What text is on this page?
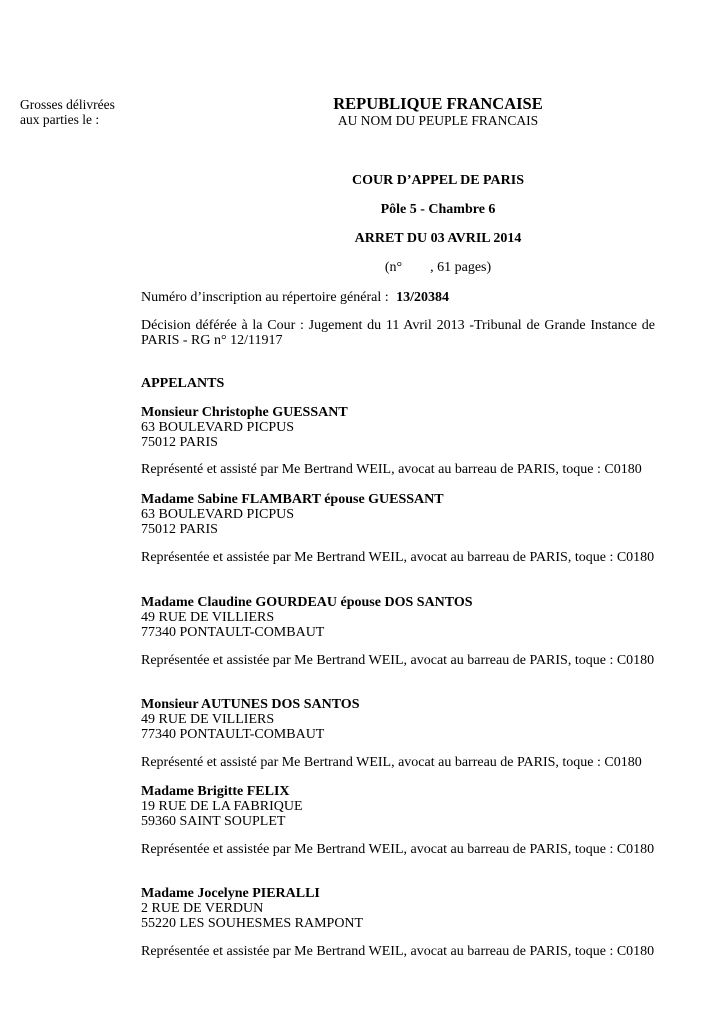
Grosses délivrées
aux parties le :
REPUBLIQUE FRANCAISE
AU NOM DU PEUPLE FRANCAIS
COUR D’APPEL DE PARIS
Pôle 5 - Chambre 6
ARRET DU 03 AVRIL 2014
(n°        , 61 pages)
Numéro d’inscription au répertoire général : 13/20384
Décision déférée à la Cour : Jugement du 11 Avril 2013 -Tribunal de Grande Instance de PARIS - RG n° 12/11917
APPELANTS
Monsieur Christophe GUESSANT
63 BOULEVARD PICPUS
75012 PARIS
Représenté et assisté par Me Bertrand WEIL, avocat au barreau de PARIS, toque : C0180
Madame Sabine FLAMBART épouse GUESSANT
63 BOULEVARD PICPUS
75012 PARIS
Représentée et assistée par Me Bertrand WEIL, avocat au barreau de PARIS, toque : C0180
Madame Claudine GOURDEAU épouse DOS SANTOS
49 RUE DE VILLIERS
77340 PONTAULT-COMBAUT
Représentée et assistée par Me Bertrand WEIL, avocat au barreau de PARIS, toque : C0180
Monsieur AUTUNES DOS SANTOS
49 RUE DE VILLIERS
77340 PONTAULT-COMBAUT
Représenté et assisté par Me Bertrand WEIL, avocat au barreau de PARIS, toque : C0180
Madame Brigitte FELIX
19 RUE DE LA FABRIQUE
59360 SAINT SOUPLET
Représentée et assistée par Me Bertrand WEIL, avocat au barreau de PARIS, toque : C0180
Madame Jocelyne PIERALLI
2 RUE DE VERDUN
55220 LES SOUHESMES RAMPONT
Représentée et assistée par Me Bertrand WEIL, avocat au barreau de PARIS, toque : C0180
